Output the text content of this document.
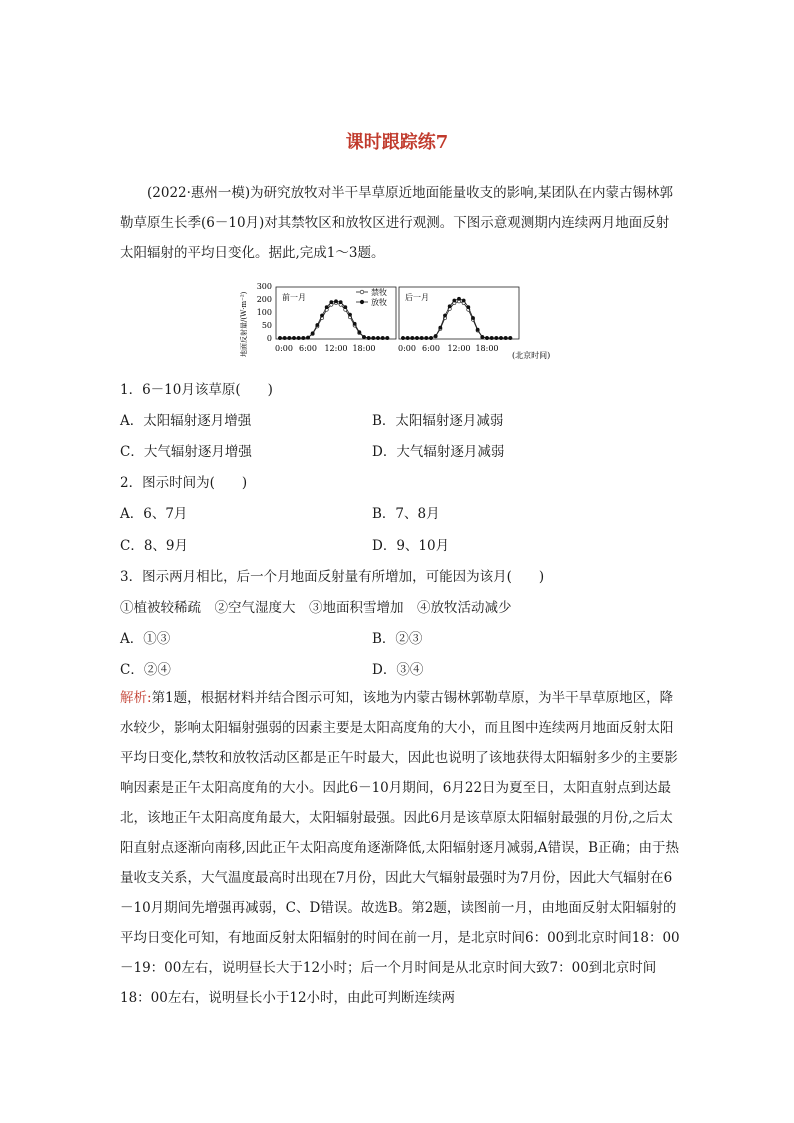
课时跟踪练7
(2022·惠州一模)为研究放牧对半干旱草原近地面能量收支的影响,某团队在内蒙古锡林郭勒草原生长季(6－10月)对其禁牧区和放牧区进行观测。下图示意观测期内连续两月地面反射太阳辐射的平均日变化。据此,完成1～3题。
地面反射量/(W·m⁻²) 0
50
100
200
300
前一月
0:00 6:00 12:00 18:00
后一月
0:00 6:00 12:00 18:00
禁牧
放牧
(北京时间)
1．6－10月该草原(　　)
A．太阳辐射逐月增强	B．太阳辐射逐月减弱
C．大气辐射逐月增强	D．大气辐射逐月减弱
2．图示时间为(　　)
A．6、7月	B．7、8月
C．8、9月	D．9、10月
3．图示两月相比，后一个月地面反射量有所增加，可能因为该月(　　)
①植被较稀疏　②空气湿度大　③地面积雪增加　④放牧活动减少
A．①③	B．②③
C．②④	D．③④
解析:第1题，根据材料并结合图示可知，该地为内蒙古锡林郭勒草原，为半干旱草原地区，降水较少，影响太阳辐射强弱的因素主要是太阳高度角的大小，而且图中连续两月地面反射太阳平均日变化,禁牧和放牧活动区都是正午时最大，因此也说明了该地获得太阳辐射多少的主要影响因素是正午太阳高度角的大小。因此6－10月期间，6月22日为夏至日，太阳直射点到达最北，该地正午太阳高度角最大，太阳辐射最强。因此6月是该草原太阳辐射最强的月份,之后太阳直射点逐渐向南移,因此正午太阳高度角逐渐降低,太阳辐射逐月减弱,A错误，B正确；由于热量收支关系，大气温度最高时出现在7月份，因此大气辐射最强时为7月份，因此大气辐射在6－10月期间先增强再减弱，C、D错误。故选B。第2题，读图前一月，由地面反射太阳辐射的平均日变化可知，有地面反射太阳辐射的时间在前一月，是北京时间6：00到北京时间18：00－19：00左右，说明昼长大于12小时；后一个月时间是从北京时间大致7：00到北京时间18：00左右，说明昼长小于12小时，由此可判断连续两
